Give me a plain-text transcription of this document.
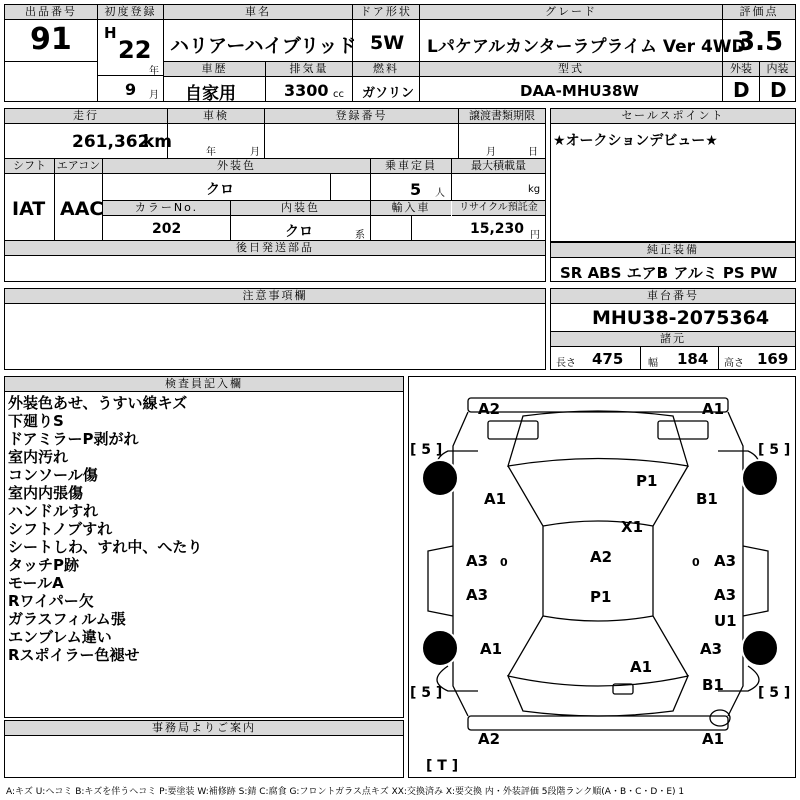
出品番号
91
初度登録
H
22
年
9 月
車名
ハリアーハイブリッド
ドア形状
5W
グレード
Lパケアルカンターラプライム Ver 4WD
車歴
自家用
排気量
3300 cc
燃料
ガソリン
型式
DAA-MHU38W
評価点
3.5
外装	内装
D D
走行
261,362
km
車検
年	月
登録番号	譲渡書類期限
月	日
シフト エアコン
IAT AAC
外装色
クロ
乗車定員
5 人
最大積載量
kg
カラーNo.
202
内装色
クロ	系
輸入車	リサイクル預託金
15,230 円
後日発送部品
セールスポイント
★オークションデビュー★
純正装備
SR ABS エアB アルミ PS PW
注意事項欄	車台番号
MHU38-2075364
諸元
長さ 475 幅 184 高さ 169
検査員記入欄
外装色あせ、うすい線キズ
下廻りS
ドアミラーP剥がれ
室内汚れ
コンソール傷
室内内張傷
ハンドルすれ
シフトノブすれ
シートしわ、すれ中、へたり
タッチP跡
モールA
Rワイパー欠
ガラスフィルム張
エンブレム違い
Rスポイラー色褪せ
事務局よりご案内
[ 5 ]	[ 5 ]
[ 5 ]	[ 5 ]
[ T ]
A2	A1
A1
P1
B1
X1
A3 0	A2	0 A3
A3	P1	A3
U1
A1	A3
A1
B1
A2	A1
A:キズ U:ヘコミ B:キズを伴うヘコミ P:要塗装 W:補修跡 S:錆 C:腐食 G:フロントガラス点キズ XX:交換済み X:要交換 内・外装評価 5段階ランク順(A・B・C・D・E) 1
